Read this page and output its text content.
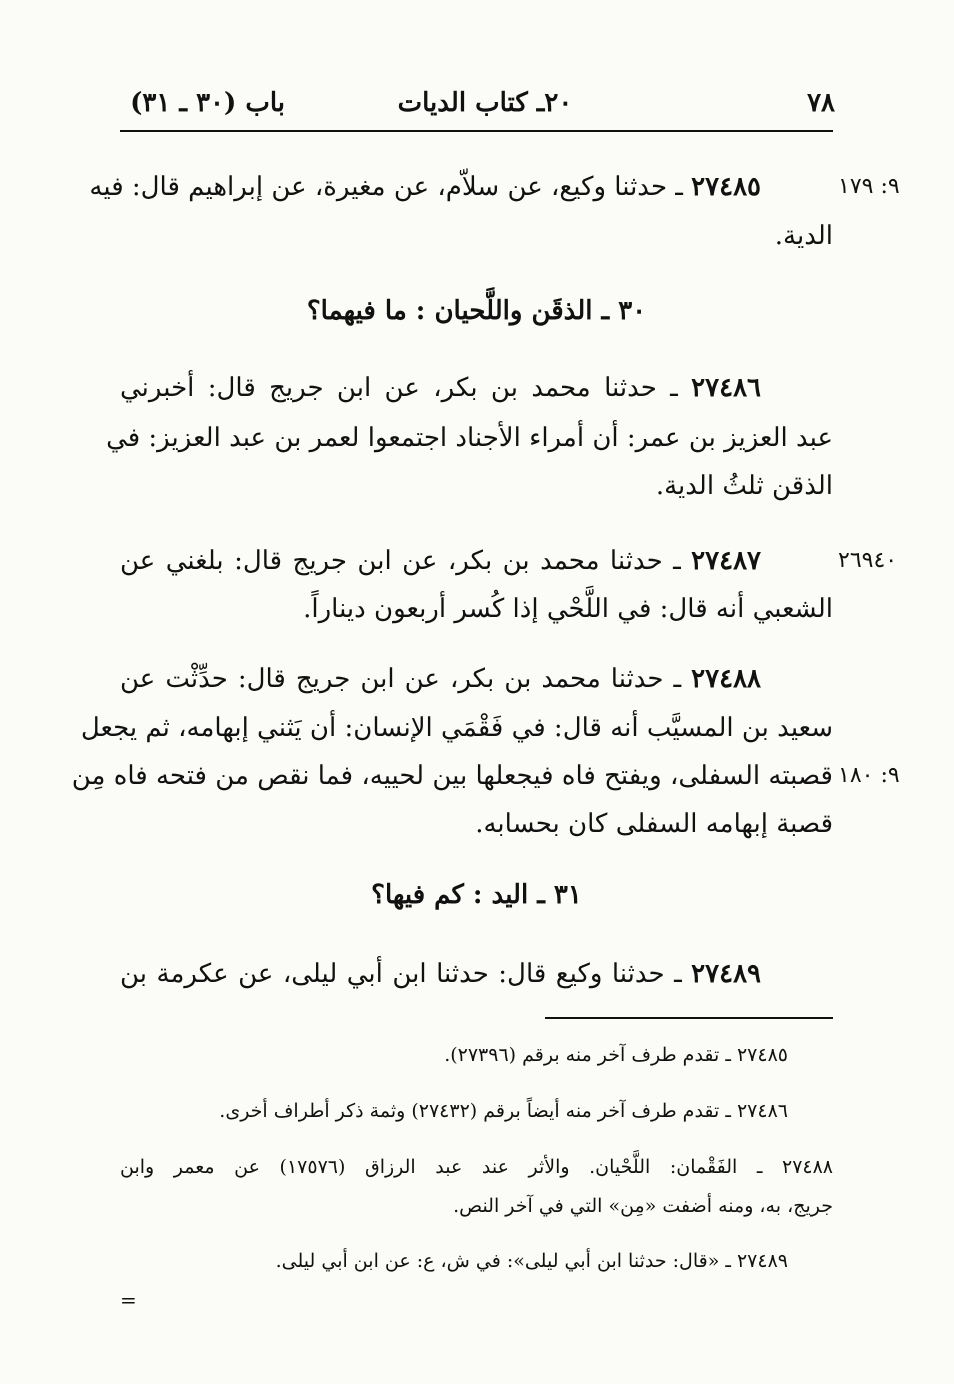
٧٨
٢٠ـ كتاب الديات
باب (٣٠ ـ ٣١)
٩: ١٧٩
٢٦٩٤٠
٩: ١٨٠
٢٧٤٨٥ ـ حدثنا وكيع، عن سلاّم، عن مغيرة، عن إبراهيم قال: فيه
الدية.
٣٠ ـ الذقَن واللَّحيان : ما فيهما؟
٢٧٤٨٦ ـ حدثنا محمد بن بكر، عن ابن جريج قال: أخبرني
عبد العزيز بن عمر: أن أمراء الأجناد اجتمعوا لعمر بن عبد العزيز: في
الذقن ثلثُ الدية.
٢٧٤٨٧ ـ حدثنا محمد بن بكر، عن ابن جريج قال: بلغني عن
الشعبي أنه قال: في اللَّحْي إذا كُسر أربعون ديناراً.
٢٧٤٨٨ ـ حدثنا محمد بن بكر، عن ابن جريج قال: حدِّثْت عن
سعيد بن المسيَّب أنه قال: في فَقْمَي الإنسان: أن يَثني إبهامه، ثم يجعل
قصبته السفلى، ويفتح فاه فيجعلها بين لحييه، فما نقص من فتحه فاه مِن
قصبة إبهامه السفلى كان بحسابه.
٣١ ـ اليد : كم فيها؟
٢٧٤٨٩ ـ حدثنا وكيع قال: حدثنا ابن أبي ليلى، عن عكرمة بن
٢٧٤٨٥ ـ تقدم طرف آخر منه برقم (٢٧٣٩٦).
٢٧٤٨٦ ـ تقدم طرف آخر منه أيضاً برقم (٢٧٤٣٢) وثمة ذكر أطراف أخرى.
٢٧٤٨٨ ـ الفَقْمان: اللَّحْيان. والأثر عند عبد الرزاق (١٧٥٧٦) عن معمر وابن
جريج، به، ومنه أضفت «مِن» التي في آخر النص.
٢٧٤٨٩ ـ «قال: حدثنا ابن أبي ليلى»: في ش، ع: عن ابن أبي ليلى.
=
